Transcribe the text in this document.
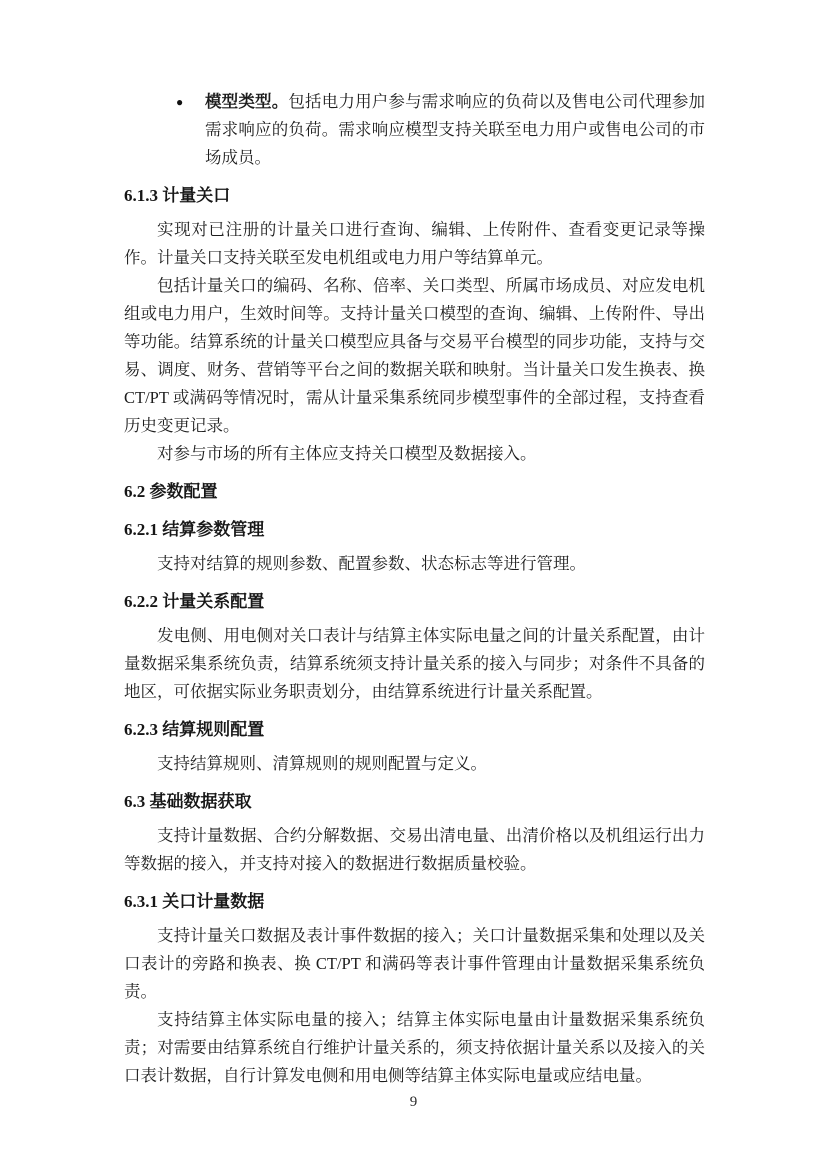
●	模型类型。包括电力用户参与需求响应的负荷以及售电公司代理参加需求响应的负荷。需求响应模型支持关联至电力用户或售电公司的市场成员。
6.1.3 计量关口

实现对已注册的计量关口进行查询、编辑、上传附件、查看变更记录等操作。计量关口支持关联至发电机组或电力用户等结算单元。

包括计量关口的编码、名称、倍率、关口类型、所属市场成员、对应发电机组或电力用户，生效时间等。支持计量关口模型的查询、编辑、上传附件、导出等功能。结算系统的计量关口模型应具备与交易平台模型的同步功能，支持与交易、调度、财务、营销等平台之间的数据关联和映射。当计量关口发生换表、换 CT/PT 或满码等情况时，需从计量采集系统同步模型事件的全部过程，支持查看历史变更记录。

对参与市场的所有主体应支持关口模型及数据接入。

6.2 参数配置
6.2.1 结算参数管理

支持对结算的规则参数、配置参数、状态标志等进行管理。

6.2.2 计量关系配置

发电侧、用电侧对关口表计与结算主体实际电量之间的计量关系配置，由计量数据采集系统负责，结算系统须支持计量关系的接入与同步；对条件不具备的地区，可依据实际业务职责划分，由结算系统进行计量关系配置。

6.2.3 结算规则配置

支持结算规则、清算规则的规则配置与定义。

6.3 基础数据获取

支持计量数据、合约分解数据、交易出清电量、出清价格以及机组运行出力等数据的接入，并支持对接入的数据进行数据质量校验。

6.3.1 关口计量数据

支持计量关口数据及表计事件数据的接入；关口计量数据采集和处理以及关口表计的旁路和换表、换 CT/PT 和满码等表计事件管理由计量数据采集系统负责。

支持结算主体实际电量的接入；结算主体实际电量由计量数据采集系统负责；对需要由结算系统自行维护计量关系的，须支持依据计量关系以及接入的关口表计数据，自行计算发电侧和用电侧等结算主体实际电量或应结电量。

9
